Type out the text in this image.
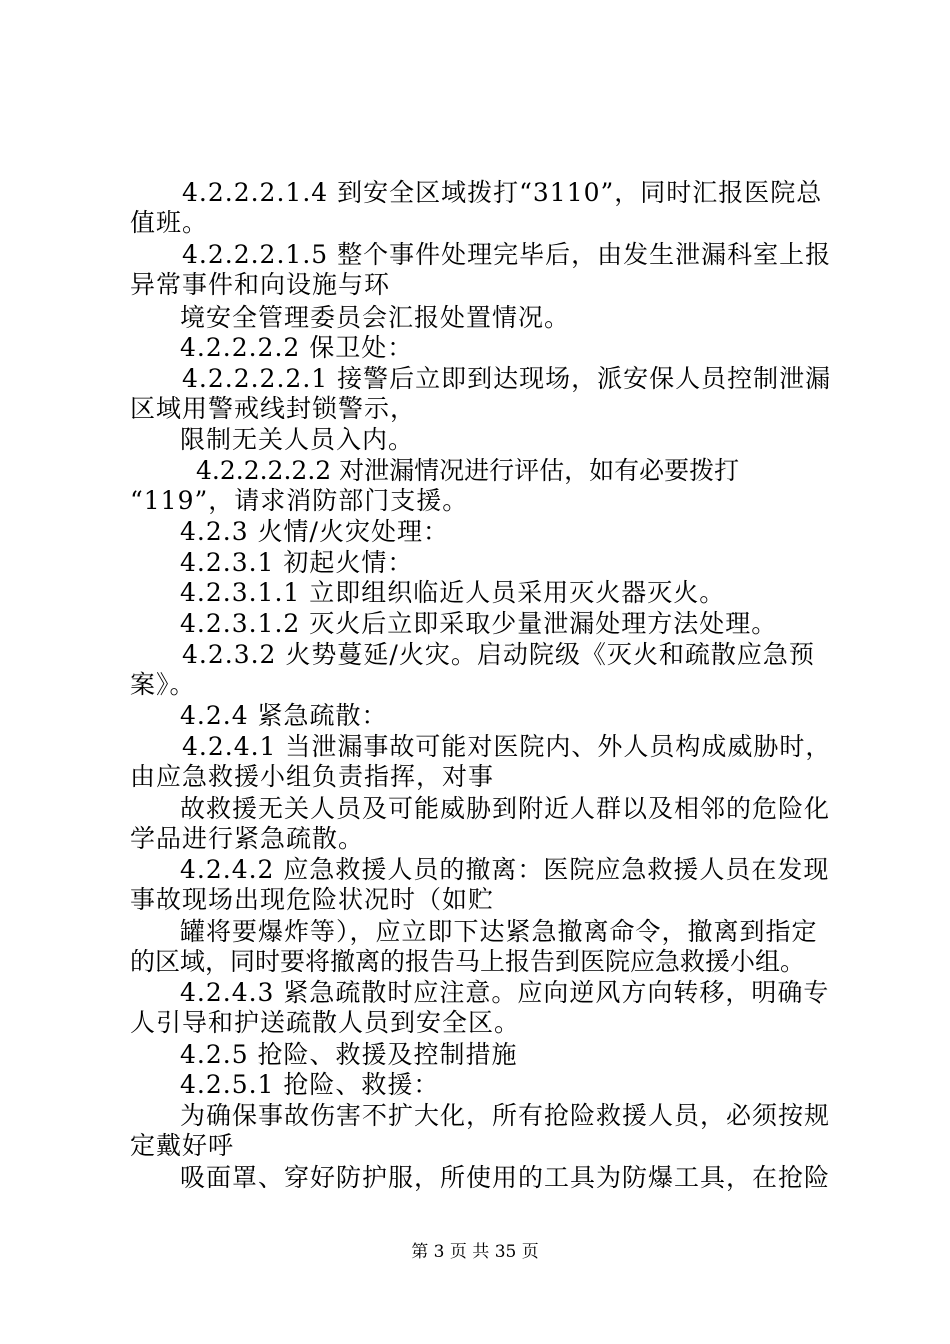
4.2.2.2.1.4 到安全区域拨打“3110”，同时汇报医院总
值班。
4.2.2.2.1.5 整个事件处理完毕后，由发生泄漏科室上报
异常事件和向设施与环
境安全管理委员会汇报处置情况。
4.2.2.2.2 保卫处：
4.2.2.2.2.1 接警后立即到达现场，派安保人员控制泄漏
区域用警戒线封锁警示，
限制无关人员入内。
4.2.2.2.2.2 对泄漏情况进行评估，如有必要拨打
“119”，请求消防部门支援。
4.2.3 火情/火灾处理：
4.2.3.1 初起火情：
4.2.3.1.1 立即组织临近人员采用灭火器灭火。
4.2.3.1.2 灭火后立即采取少量泄漏处理方法处理。
4.2.3.2 火势蔓延/火灾。启动院级《灭火和疏散应急预
案》。
4.2.4 紧急疏散：
4.2.4.1 当泄漏事故可能对医院内、外人员构成威胁时，
由应急救援小组负责指挥，对事
故救援无关人员及可能威胁到附近人群以及相邻的危险化
学品进行紧急疏散。
4.2.4.2 应急救援人员的撤离：医院应急救援人员在发现
事故现场出现危险状况时（如贮
罐将要爆炸等），应立即下达紧急撤离命令，撤离到指定
的区域，同时要将撤离的报告马上报告到医院应急救援小组。
4.2.4.3 紧急疏散时应注意。应向逆风方向转移，明确专
人引导和护送疏散人员到安全区。
4.2.5 抢险、救援及控制措施
4.2.5.1 抢险、救援：
为确保事故伤害不扩大化，所有抢险救援人员，必须按规
定戴好呼
吸面罩、穿好防护服，所使用的工具为防爆工具，在抢险
第 3 页 共 35 页
